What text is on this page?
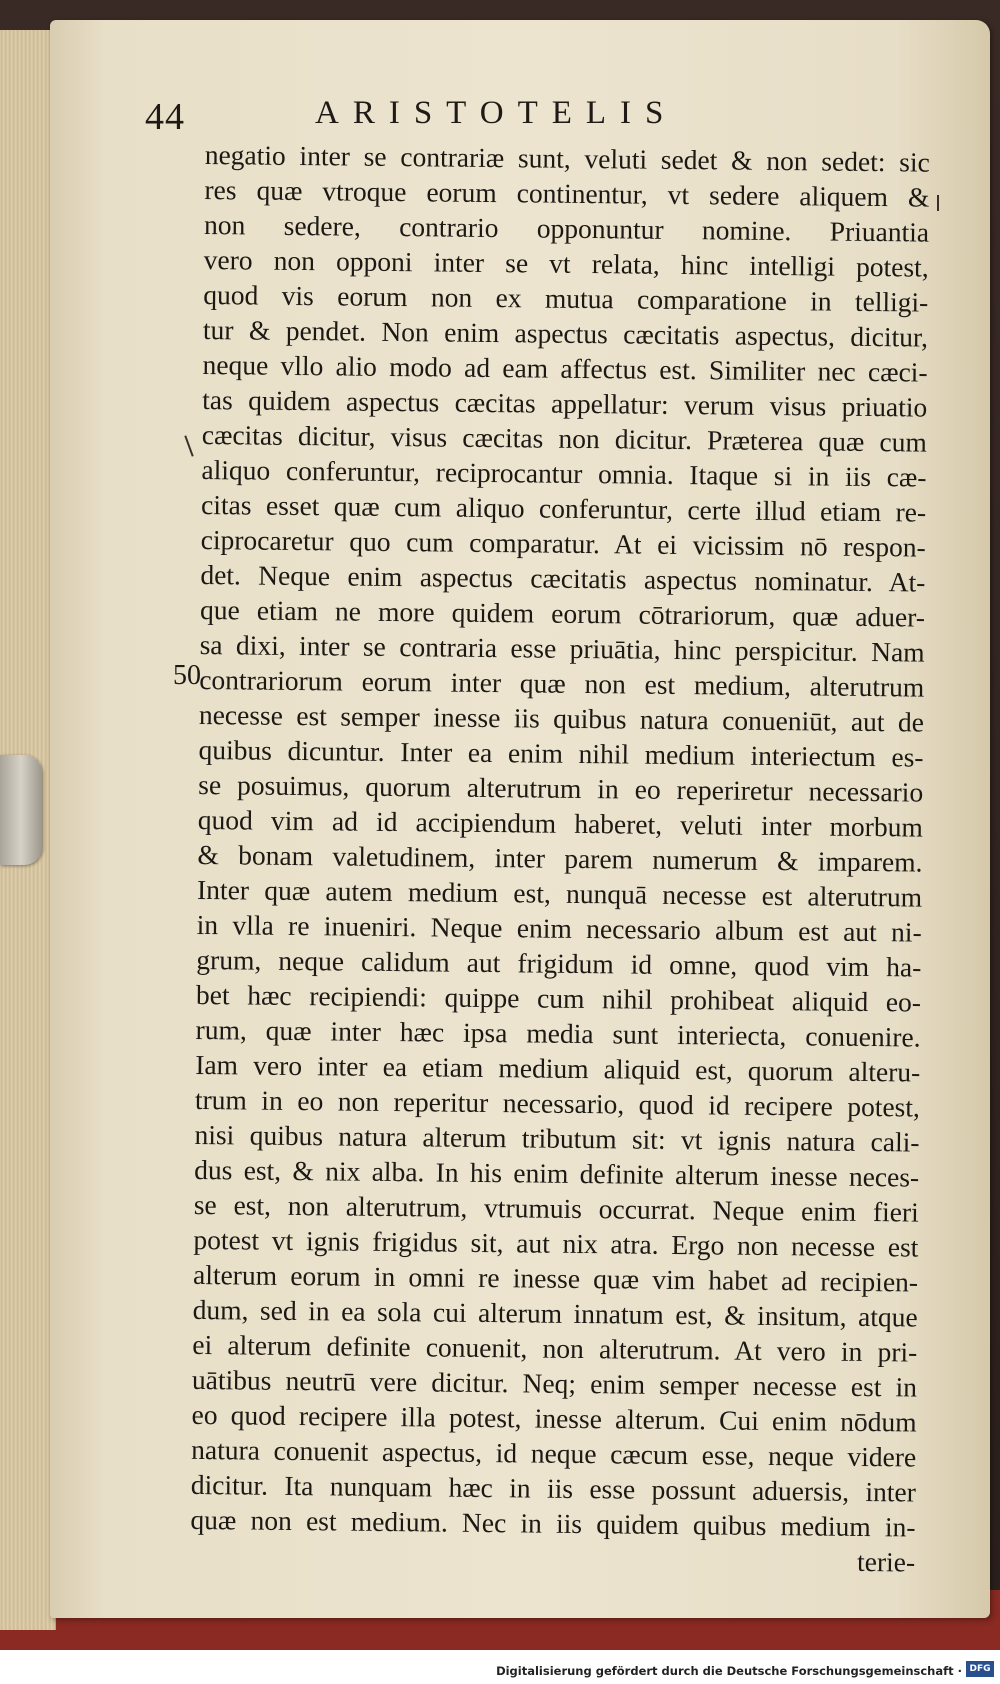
44	ARISTOTELIS
50
negatio inter se contrariæ sunt, veluti sedet & non sedet: sic
res quæ vtroque eorum continentur, vt sedere aliquem &
non sedere, contrario opponuntur nomine. Priuantia
vero non opponi inter se vt relata, hinc intelligi potest,
quod vis eorum non ex mutua comparatione in telligi-
tur & pendet. Non enim aspectus cæcitatis aspectus, dicitur,
neque vllo alio modo ad eam affectus est. Similiter nec cæci-
tas quidem aspectus cæcitas appellatur: verum visus priuatio
cæcitas dicitur, visus cæcitas non dicitur. Præterea quæ cum
aliquo conferuntur, reciprocantur omnia. Itaque si in iis cæ-
citas esset quæ cum aliquo conferuntur, certe illud etiam re-
ciprocaretur quo cum comparatur. At ei vicissim nō respon-
det. Neque enim aspectus cæcitatis aspectus nominatur. At-
que etiam ne more quidem eorum cōtrariorum, quæ aduer-
sa dixi, inter se contraria esse priuātia, hinc perspicitur. Nam
contrariorum eorum inter quæ non est medium, alterutrum
necesse est semper inesse iis quibus natura conueniūt, aut de
quibus dicuntur. Inter ea enim nihil medium interiectum es-
se posuimus, quorum alterutrum in eo reperiretur necessario
quod vim ad id accipiendum haberet, veluti inter morbum
& bonam valetudinem, inter parem numerum & imparem.
Inter quæ autem medium est, nunquā necesse est alterutrum
in vlla re inueniri. Neque enim necessario album est aut ni-
grum, neque calidum aut frigidum id omne, quod vim ha-
bet hæc recipiendi: quippe cum nihil prohibeat aliquid eo-
rum, quæ inter hæc ipsa media sunt interiecta, conuenire.
Iam vero inter ea etiam medium aliquid est, quorum alteru-
trum in eo non reperitur necessario, quod id recipere potest,
nisi quibus natura alterum tributum sit: vt ignis natura cali-
dus est, & nix alba. In his enim definite alterum inesse neces-
se est, non alterutrum, vtrumuis occurrat. Neque enim fieri
potest vt ignis frigidus sit, aut nix atra. Ergo non necesse est
alterum eorum in omni re inesse quæ vim habet ad recipien-
dum, sed in ea sola cui alterum innatum est, & insitum, atque
ei alterum definite conuenit, non alterutrum. At vero in pri-
uātibus neutrū vere dicitur. Neq; enim semper necesse est in
eo quod recipere illa potest, inesse alterum. Cui enim nōdum
natura conuenit aspectus, id neque cæcum esse, neque videre
dicitur. Ita nunquam hæc in iis esse possunt aduersis, inter
quæ non est medium. Nec in iis quidem quibus medium in-
terie-
Digitalisierung gefördert durch die Deutsche Forschungsgemeinschaft · DFG
